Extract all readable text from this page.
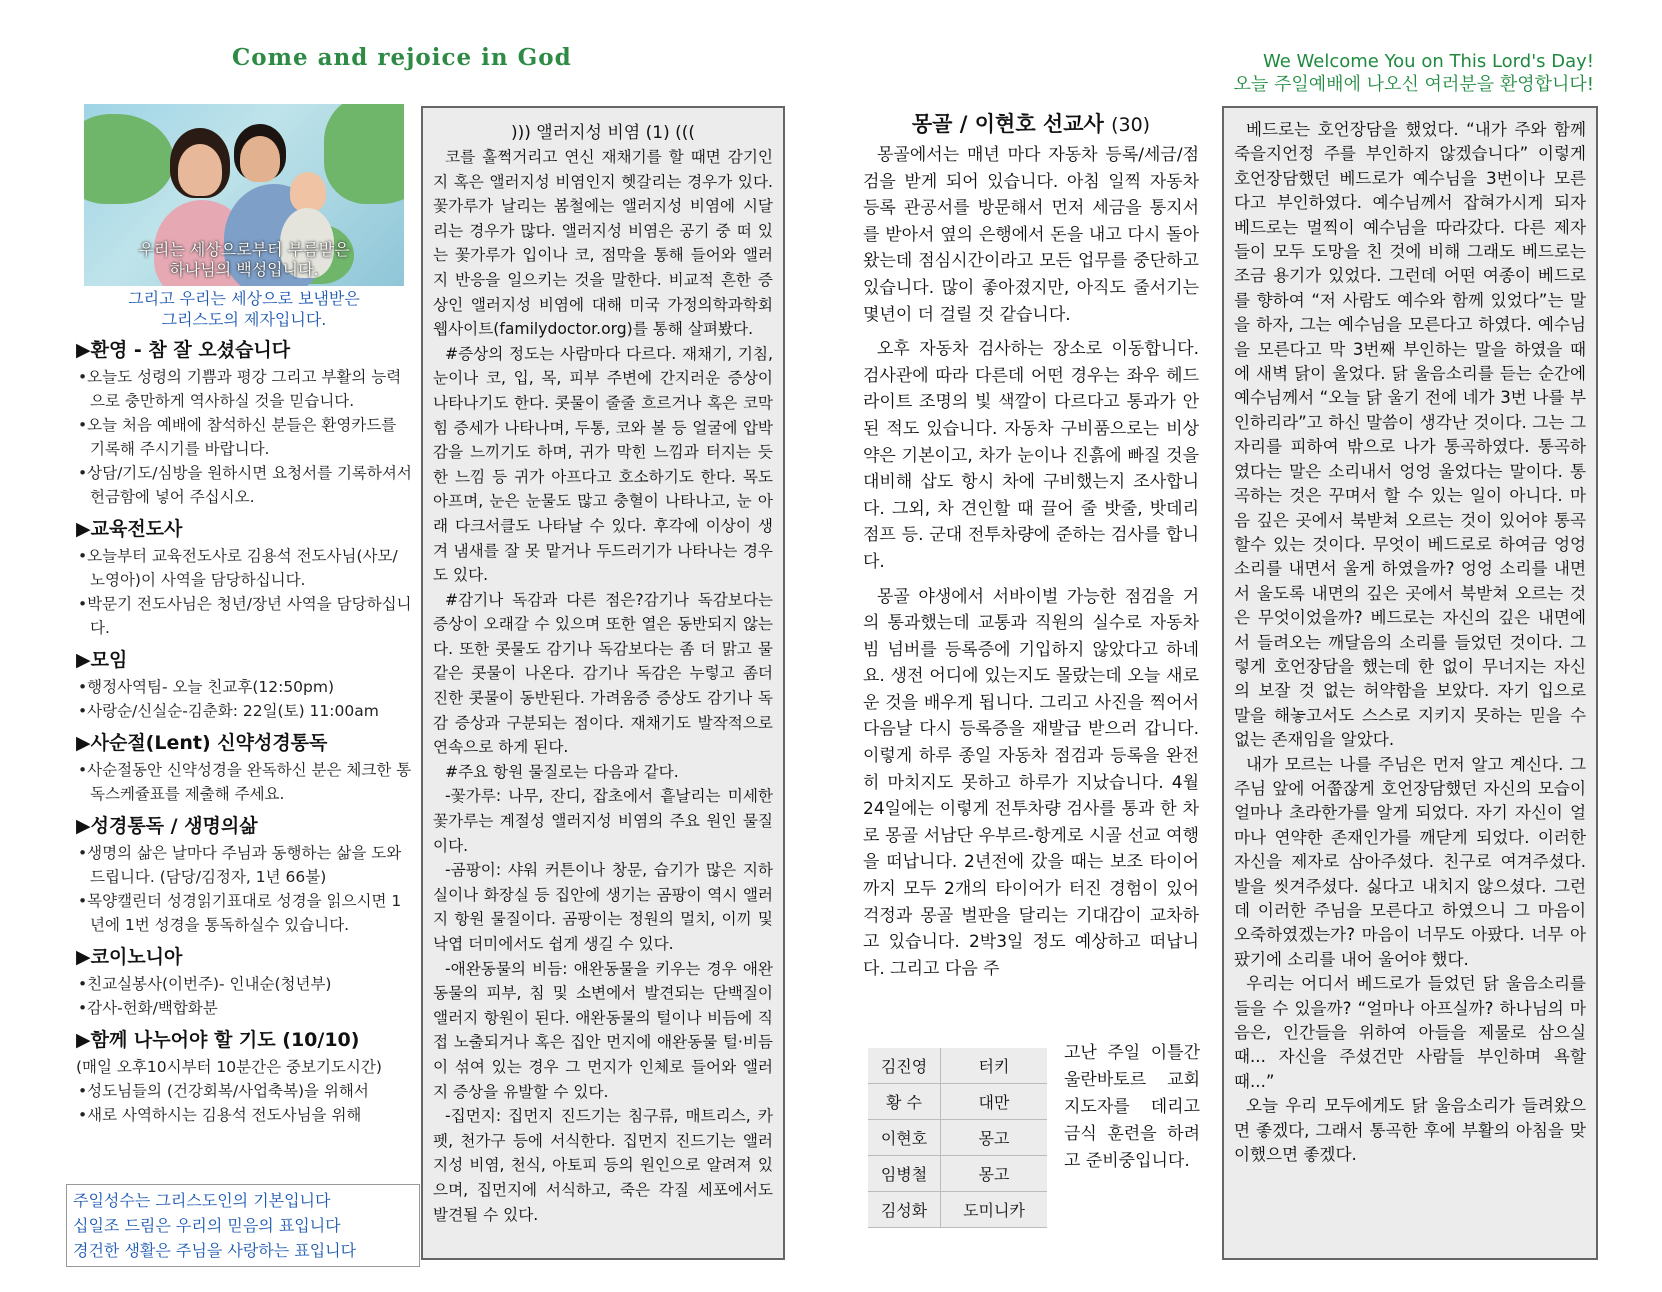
Come and rejoice in God	We Welcome You on This Lord's Day!
오늘 주일예배에 나오신 여러분을 환영합니다!
우리는 세상으로부터 부름받은
하나님의 백성입니다.
그리고 우리는 세상으로 보냄받은
그리스도의 제자입니다.
▶환영 - 참 잘 오셨습니다
•오늘도 성령의 기쁨과 평강 그리고 부활의 능력으로 충만하게 역사하실 것을 믿습니다.
•오늘 처음 예배에 참석하신 분들은 환영카드를 기록해 주시기를 바랍니다.
•상담/기도/심방을 원하시면 요청서를 기록하셔서 헌금함에 넣어 주십시오.
▶교육전도사
•오늘부터 교육전도사로 김용석 전도사님(사모/노영아)이 사역을 담당하십니다.
•박문기 전도사님은 청년/장년 사역을 담당하십니다.
▶모임
•행정사역팀- 오늘 친교후(12:50pm)
•사랑순/신실순-김춘화: 22일(토) 11:00am
▶사순절(Lent) 신약성경통독
•사순절동안 신약성경을 완독하신 분은 체크한 통독스케쥴표를 제출해 주세요.
▶성경통독 / 생명의삶
•생명의 삶은 날마다 주님과 동행하는 삶을 도와드립니다. (담당/김정자, 1년 66불)
•목양캘린더 성경읽기표대로 성경을 읽으시면 1년에 1번 성경을 통독하실수 있습니다.
▶코이노니아
•친교실봉사(이번주)- 인내순(청년부)
•감사-헌화/백합화분
▶함께 나누어야 할 기도 (10/10)
(매일 오후10시부터 10분간은 중보기도시간)
•성도님들의 (건강회복/사업축복)을 위해서
•새로 사역하시는 김용석 전도사님을 위해
주일성수는 그리스도인의 기본입니다
십일조 드림은 우리의 믿음의 표입니다
경건한 생활은 주님을 사랑하는 표입니다
))) 앨러지성 비염 (1) (((

코를 훌쩍거리고 연신 재채기를 할 때면 감기인지 혹은 앨러지성 비염인지 헷갈리는 경우가 있다. 꽃가루가 날리는 봄철에는 앨러지성 비염에 시달리는 경우가 많다. 앨러지성 비염은 공기 중 떠 있는 꽃가루가 입이나 코, 점막을 통해 들어와 앨러지 반응을 일으키는 것을 말한다. 비교적 흔한 증상인 앨러지성 비염에 대해 미국 가정의학과학회 웹사이트(familydoctor.org)를 통해 살펴봤다.

#증상의 정도는 사람마다 다르다. 재채기, 기침, 눈이나 코, 입, 목, 피부 주변에 간지러운 증상이 나타나기도 한다. 콧물이 줄줄 흐르거나 혹은 코막힘 증세가 나타나며, 두통, 코와 볼 등 얼굴에 압박감을 느끼기도 하며, 귀가 막힌 느낌과 터지는 듯한 느낌 등 귀가 아프다고 호소하기도 한다. 목도 아프며, 눈은 눈물도 많고 충혈이 나타나고, 눈 아래 다크서클도 나타날 수 있다. 후각에 이상이 생겨 냄새를 잘 못 맡거나 두드러기가 나타나는 경우도 있다.

#감기나 독감과 다른 점은?감기나 독감보다는 증상이 오래갈 수 있으며 또한 열은 동반되지 않는다. 또한 콧물도 감기나 독감보다는 좀 더 맑고 물 같은 콧물이 나온다. 감기나 독감은 누렇고 좀더 진한 콧물이 동반된다. 가려움증 증상도 감기나 독감 증상과 구분되는 점이다. 재채기도 발작적으로 연속으로 하게 된다.

#주요 항원 물질로는 다음과 같다.

-꽃가루: 나무, 잔디, 잡초에서 흩날리는 미세한 꽃가루는 계절성 앨러지성 비염의 주요 원인 물질이다.

-곰팡이: 샤워 커튼이나 창문, 습기가 많은 지하실이나 화장실 등 집안에 생기는 곰팡이 역시 앨러지 항원 물질이다. 곰팡이는 정원의 멀치, 이끼 및 낙엽 더미에서도 쉽게 생길 수 있다.

-애완동물의 비듬: 애완동물을 키우는 경우 애완동물의 피부, 침 및 소변에서 발견되는 단백질이 앨러지 항원이 된다. 애완동물의 털이나 비듬에 직접 노출되거나 혹은 집안 먼지에 애완동물 털·비듬이 섞여 있는 경우 그 먼지가 인체로 들어와 앨러지 증상을 유발할 수 있다.

-집먼지: 집먼지 진드기는 침구류, 매트리스, 카펫, 천가구 등에 서식한다. 집먼지 진드기는 앨러지성 비염, 천식, 아토피 등의 원인으로 알려져 있으며, 집먼지에 서식하고, 죽은 각질 세포에서도 발견될 수 있다.

몽골 / 이현호 선교사 (30)

몽골에서는 매년 마다 자동차 등록/세금/점검을 받게 되어 있습니다. 아침 일찍 자동차 등록 관공서를 방문해서 먼저 세금을 통지서를 받아서 옆의 은행에서 돈을 내고 다시 돌아 왔는데 점심시간이라고 모든 업무를 중단하고 있습니다. 많이 좋아졌지만, 아직도 줄서기는 몇년이 더 걸릴 것 같습니다.

오후 자동차 검사하는 장소로 이동합니다. 검사관에 따라 다른데 어떤 경우는 좌우 헤드라이트 조명의 빛 색깔이 다르다고 통과가 안된 적도 있습니다. 자동차 구비품으로는 비상약은 기본이고, 차가 눈이나 진흙에 빠질 것을 대비해 삽도 항시 차에 구비했는지 조사합니다. 그외, 차 견인할 때 끌어 줄 밧줄, 밧데리 점프 등. 군대 전투차량에 준하는 검사를 합니다.

몽골 야생에서 서바이벌 가능한 점검을 거의 통과했는데 교통과 직원의 실수로 자동차 빔 넘버를 등록증에 기입하지 않았다고 하네요. 생전 어디에 있는지도 몰랐는데 오늘 새로운 것을 배우게 됩니다. 그리고 사진을 찍어서 다음날 다시 등록증을 재발급 받으러 갑니다. 이렇게 하루 종일 자동차 점검과 등록을 완전히 마치지도 못하고 하루가 지났습니다. 4월24일에는 이렇게 전투차량 검사를 통과 한 차로 몽골 서남단 우부르-항게로 시골 선교 여행을 떠납니다. 2년전에 갔을 때는 보조 타이어까지 모두 2개의 타이어가 터진 경험이 있어 걱정과 몽골 벌판을 달리는 기대감이 교차하고 있습니다. 2박3일 정도 예상하고 떠납니다. 그리고 다음 주

김진영	터키
황 수	대만
이현호	몽고
임병철	몽고
김성화	도미니카
고난 주일 이틀간 울란바토르 교회 지도자를 데리고 금식 훈련을 하려고 준비중입니다.

베드로는 호언장담을 했었다. “내가 주와 함께 죽을지언정 주를 부인하지 않겠습니다” 이렇게 호언장담했던 베드로가 예수님을 3번이나 모른다고 부인하였다. 예수님께서 잡혀가시게 되자 베드로는 멀찍이 예수님을 따라갔다. 다른 제자들이 모두 도망을 친 것에 비해 그래도 베드로는 조금 용기가 있었다. 그런데 어떤 여종이 베드로를 향하여 “저 사람도 예수와 함께 있었다”는 말을 하자, 그는 예수님을 모른다고 하였다. 예수님을 모른다고 막 3번째 부인하는 말을 하였을 때에 새벽 닭이 울었다. 닭 울음소리를 듣는 순간에 예수님께서 “오늘 닭 울기 전에 네가 3번 나를 부인하리라”고 하신 말씀이 생각난 것이다. 그는 그 자리를 피하여 밖으로 나가 통곡하였다. 통곡하였다는 말은 소리내서 엉엉 울었다는 말이다. 통곡하는 것은 꾸며서 할 수 있는 일이 아니다. 마음 깊은 곳에서 북받쳐 오르는 것이 있어야 통곡할수 있는 것이다. 무엇이 베드로로 하여금 엉엉 소리를 내면서 울게 하였을까? 엉엉 소리를 내면서 울도록 내면의 깊은 곳에서 북받쳐 오르는 것은 무엇이었을까? 베드로는 자신의 깊은 내면에서 들려오는 깨달음의 소리를 들었던 것이다. 그렇게 호언장담을 했는데 한 없이 무너지는 자신의 보잘 것 없는 허약함을 보았다. 자기 입으로 말을 해놓고서도 스스로 지키지 못하는 믿을 수 없는 존재임을 알았다.

내가 모르는 나를 주님은 먼저 알고 계신다. 그 주님 앞에 어쭙잖게 호언장담했던 자신의 모습이 얼마나 초라한가를 알게 되었다. 자기 자신이 얼마나 연약한 존재인가를 깨닫게 되었다. 이러한 자신을 제자로 삼아주셨다. 친구로 여겨주셨다. 발을 씻겨주셨다. 싫다고 내치지 않으셨다. 그런데 이러한 주님을 모른다고 하였으니 그 마음이 오죽하였겠는가? 마음이 너무도 아팠다. 너무 아팠기에 소리를 내어 울어야 했다.

우리는 어디서 베드로가 들었던 닭 울음소리를 들을 수 있을까? “얼마나 아프실까? 하나님의 마음은, 인간들을 위하여 아들을 제물로 삼으실때... 자신을 주셨건만 사람들 부인하며 욕할때...”

오늘 우리 모두에게도 닭 울음소리가 들려왔으면 좋겠다, 그래서 통곡한 후에 부활의 아침을 맞이했으면 좋겠다.
